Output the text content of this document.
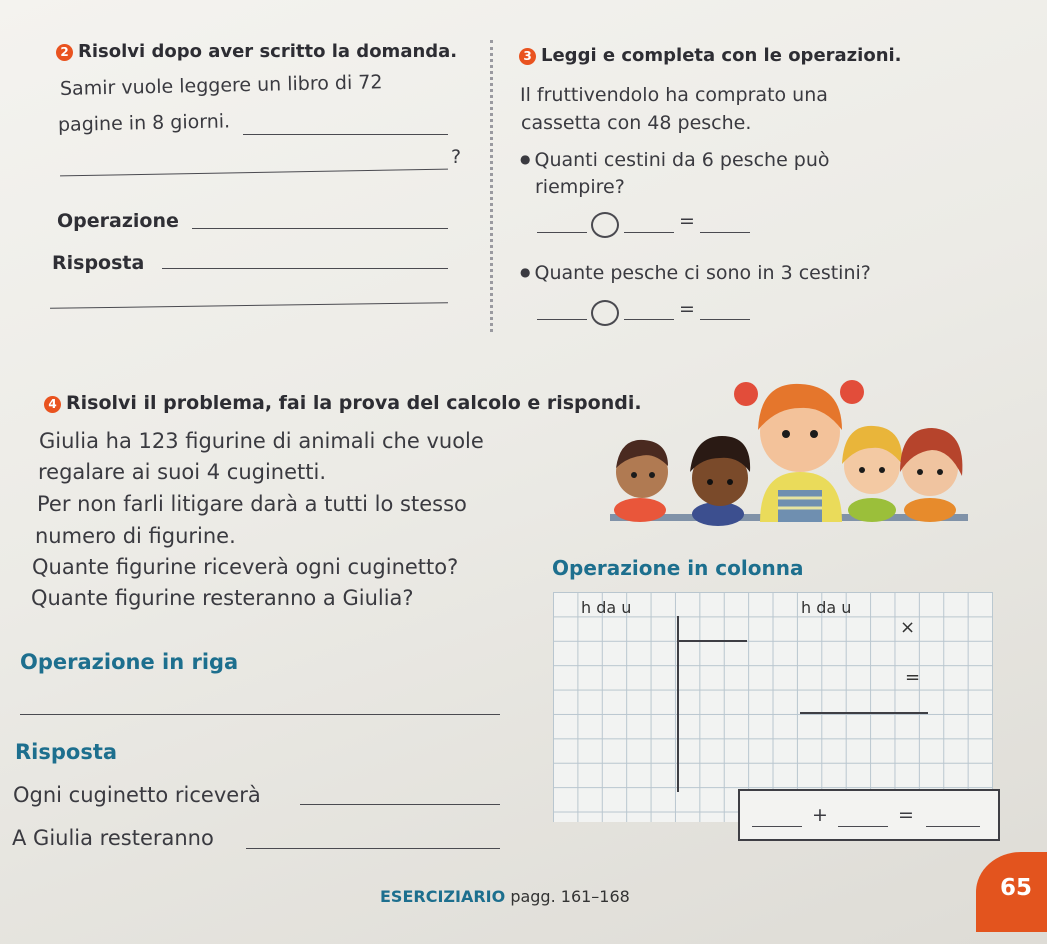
2 Risolvi dopo aver scritto la domanda.
Samir vuole leggere un libro di 72
pagine in 8 giorni.
?
Operazione
Risposta
3 Leggi e completa con le operazioni.
Il fruttivendolo ha comprato una
cassetta con 48 pesche.
● Quanti cestini da 6 pesche può
riempire?
=
● Quante pesche ci sono in 3 cestini?
=
4 Risolvi il problema, fai la prova del calcolo e rispondi.
Giulia ha 123 figurine di animali che vuole
regalare ai suoi 4 cuginetti.
Per non farli litigare darà a tutti lo stesso
numero di figurine.
Quante figurine riceverà ogni cuginetto?
Quante figurine resteranno a Giulia?
Operazione in riga
Risposta
Ogni cuginetto riceverà
A Giulia resteranno
Operazione in colonna
h da u	h da u
×
=
+	=
ESERCIZIARIO pagg. 161–168	65
